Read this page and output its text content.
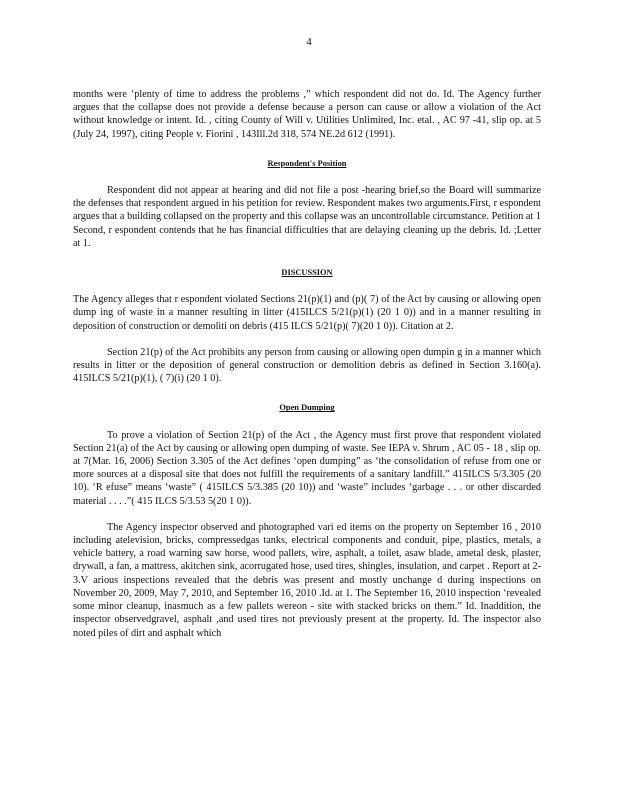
4

months were ‘plenty of time to address the problems ,” which respondent did not do. Id. The Agency further argues that the collapse does not provide a defense because a person can cause or allow a violation of the Act without knowledge or intent. Id. , citing County of Will v. Utilities Unlimited, Inc. etal. , AC 97 -41, slip op. at 5 (July 24, 1997), citing People v. Fiorini , 143Ill.2d 318, 574 NE.2d 612 (1991).

Respondent's Position

Respondent did not appear at hearing and did not file a post -hearing brief,so the Board will summarize the defenses that respondent argued in his petition for review. Respondent makes two arguments.First, r espondent argues that a building collapsed on the property and this collapse was an uncontrollable circumstance. Petition at 1 Second, r espondent contends that he has financial difficulties that are delaying cleaning up the debris. Id. ;Letter at 1.

DISCUSSION

The Agency alleges that r espondent violated Sections 21(p)(1) and (p)( 7) of the Act by causing or allowing open dump ing of waste in a manner resulting in litter (415ILCS 5/21(p)(1) (20 1 0)) and in a manner resulting in deposition of construction or demoliti on debris (415 ILCS 5/21(p)( 7)(20 1 0)). Citation at 2.

Section 21(p) of the Act prohibits any person from causing or allowing open dumpin g in a manner which results in litter or the deposition of general construction or demolition debris as defined in Section 3.160(a). 415ILCS 5/21(p)(1), ( 7)(i) (20 1 0).

Open Dumping

To prove a violation of Section 21(p) of the Act , the Agency must first prove that respondent violated Section 21(a) of the Act by causing or allowing open dumping of waste. See IEPA v. Shrum , AC 05 - 18 , slip op. at 7(Mar. 16, 2006) Section 3.305 of the Act defines ‘open dumping” as ‘the consolidation of refuse from one or more sources at a disposal site that does not fulfill the requirements of a sanitary landfill.” 415ILCS 5/3.305 (20 10). ‘R efuse” means ‘waste” ( 415ILCS 5/3.385 (20 10)) and ‘waste” includes ‘garbage . . . or other discarded material . . . .”( 415 ILCS 5/3.53 5(20 1 0)).

The Agency inspector observed and photographed vari ed items on the property on September 16 , 2010 including atelevision, bricks, compressedgas tanks, electrical components and conduit, pipe, plastics, metals, a vehicle battery, a road warning saw horse, wood pallets, wire, asphalt, a toilet, asaw blade, ametal desk, plaster, drywall, a fan, a mattress, akitchen sink, acorrugated hose, used tires, shingles, insulation, and carpet . Report at 2-3.V arious inspections revealed that the debris was present and mostly unchange d during inspections on November 20, 2009, May 7, 2010, and September 16, 2010 .Id. at 1. The September 16, 2010 inspection ‘revealed some minor cleanup, inasmuch as a few pallets wereon - site with stacked bricks on them.” Id. Inaddition, the inspector observedgravel, asphalt ,and used tires not previously present at the property. Id. The inspector also noted piles of dirt and asphalt which
